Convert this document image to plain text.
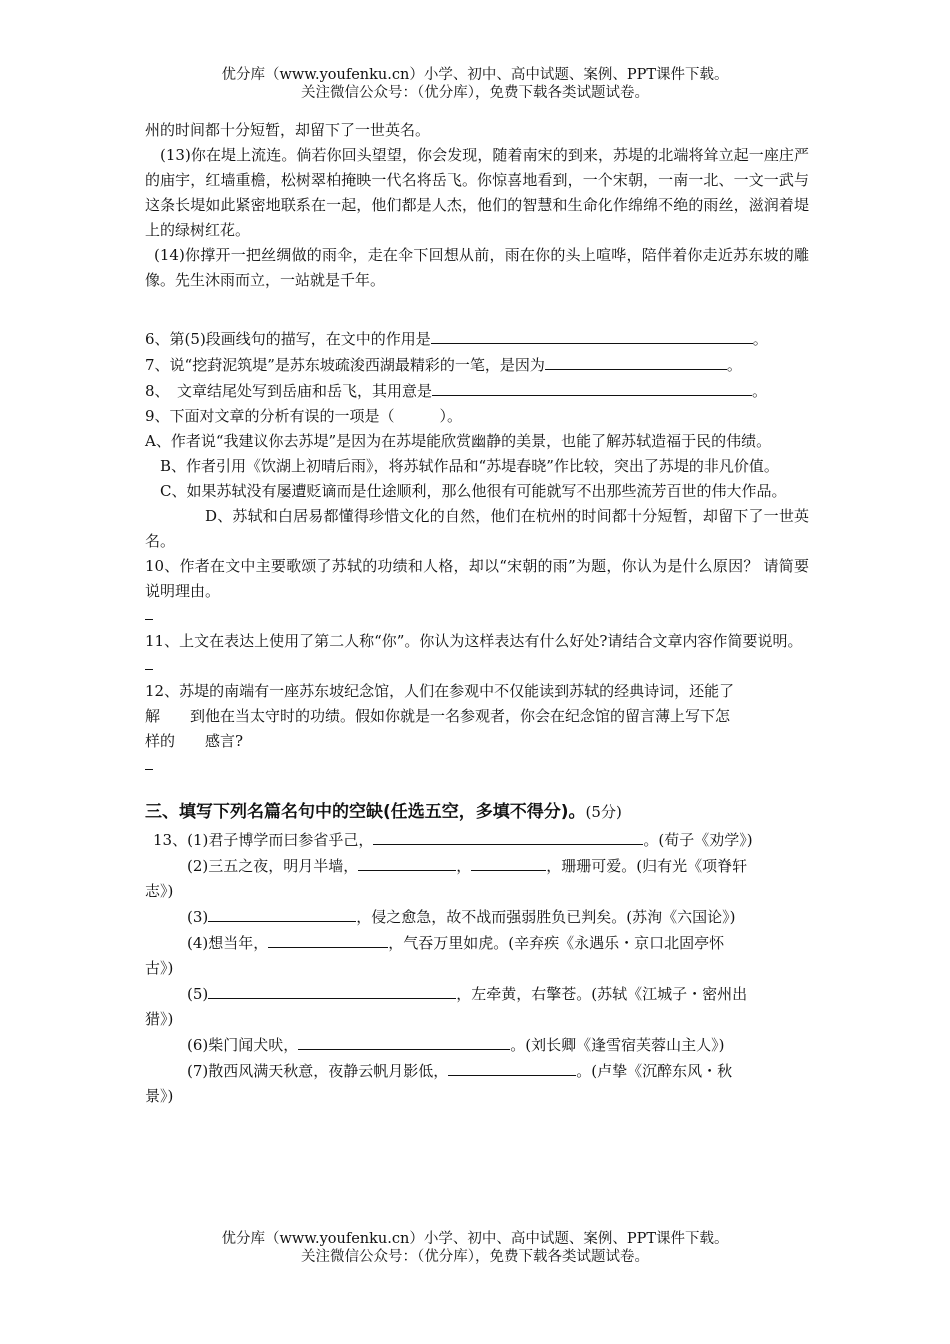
优分库（www.youfenku.cn）小学、初中、高中试题、案例、PPT课件下载。
关注微信公众号：（优分库），免费下载各类试题试卷。

州的时间都十分短暂，却留下了一世英名。

(13)你在堤上流连。倘若你回头望望，你会发现，随着南宋的到来，苏堤的北端将耸立起一座庄严的庙宇，红墙重檐，松树翠柏掩映一代名将岳飞。你惊喜地看到，一个宋朝，一南一北、一文一武与这条长堤如此紧密地联系在一起，他们都是人杰，他们的智慧和生命化作绵绵不绝的雨丝，滋润着堤上的绿树红花。

(14)你撑开一把丝绸做的雨伞，走在伞下回想从前，雨在你的头上喧哗，陪伴着你走近苏东坡的雕像。先生沐雨而立，一站就是千年。

6、第(5)段画线句的描写，在文中的作用是	。

7、说“挖葑泥筑堤”是苏东坡疏浚西湖最精彩的一笔，是因为	。

8、　文章结尾处写到岳庙和岳飞，其用意是	。

9、下面对文章的分析有误的一项是（　　　）。

A、作者说“我建议你去苏堤”是因为在苏堤能欣赏幽静的美景，也能了解苏轼造福于民的伟绩。

B、作者引用《饮湖上初晴后雨》，将苏轼作品和“苏堤春晓”作比较，突出了苏堤的非凡价值。

C、如果苏轼没有屡遭贬谪而是仕途顺利，那么他很有可能就写不出那些流芳百世的伟大作品。

D、苏轼和白居易都懂得珍惜文化的自然，他们在杭州的时间都十分短暂，却留下了一世英名。

10、作者在文中主要歌颂了苏轼的功绩和人格，却以“宋朝的雨”为题，你认为是什么原因？ 请简要说明理由。

11、上文在表达上使用了第二人称“你”。你认为这样表达有什么好处?请结合文章内容作简要说明。

12、苏堤的南端有一座苏东坡纪念馆，人们在参观中不仅能读到苏轼的经典诗词，还能了

解　　到他在当太守时的功绩。假如你就是一名参观者，你会在纪念馆的留言薄上写下怎

样的　　感言?

三、填写下列名篇名句中的空缺(任选五空，多填不得分)。(5分)

13、(1)君子博学而曰参省乎己，	。(荀子《劝学》)

(2)三五之夜，明月半墙，	，	，珊珊可爱。(归有光《项脊轩

志》)

(3)	，侵之愈急，故不战而强弱胜负已判矣。(苏洵《六国论》)

(4)想当年，	，气吞万里如虎。(辛弃疾《永遇乐・京口北固亭怀

古》)

(5)	，左牵黄，右擎苍。(苏轼《江城子・密州出

猎》)

(6)柴门闻犬吠，	。(刘长卿《逢雪宿芙蓉山主人》)

(7)散西风满天秋意，夜静云帆月影低，	。(卢挚《沉醉东风・秋

景》)

优分库（www.youfenku.cn）小学、初中、高中试题、案例、PPT课件下载。
关注微信公众号：（优分库），免费下载各类试题试卷。
